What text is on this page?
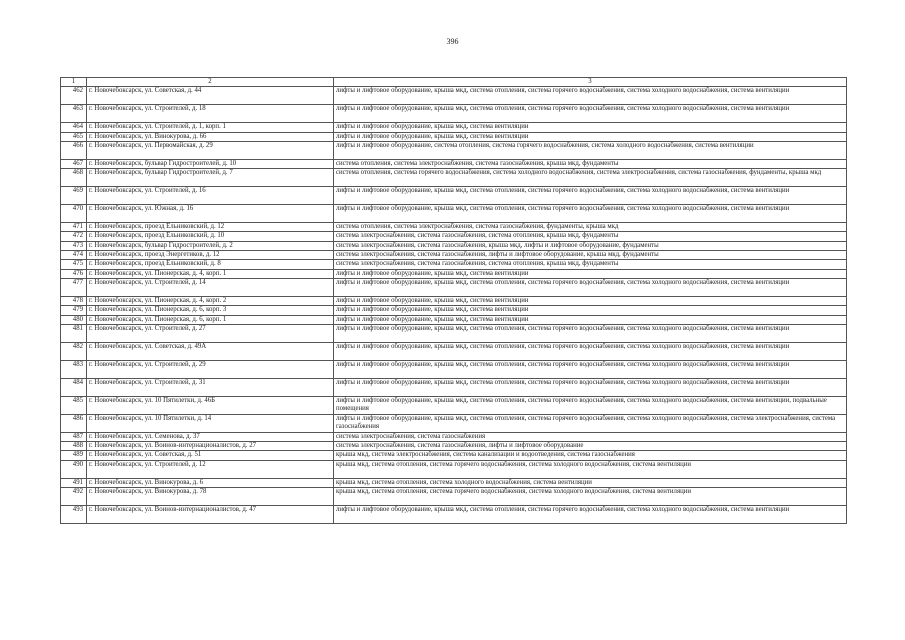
396
1	2	3
462	г. Новочебоксарск, ул. Советская, д. 44	лифты и лифтовое оборудование, крыша мкд, система отопления, система горячего водоснабжения, система холодного водоснабжения, система вентиляции
463	г. Новочебоксарск, ул. Строителей, д. 18	лифты и лифтовое оборудование, крыша мкд, система отопления, система горячего водоснабжения, система холодного водоснабжения, система вентиляции
464	г. Новочебоксарск, ул. Строителей, д. 1, корп. 1	лифты и лифтовое оборудование, крыша мкд, система вентиляции
465	г. Новочебоксарск, ул. Винокурова, д. 66	лифты и лифтовое оборудование, крыша мкд, система вентиляции
466	г. Новочебоксарск, ул. Первомайская, д. 29	лифты и лифтовое оборудование, система отопления, система горячего водоснабжения, система холодного водоснабжения, система вентиляции
467	г. Новочебоксарск, бульвар Гидростроителей, д. 10	система отопления, система электроснабжения, система газоснабжения, крыша мкд, фундаменты
468	г. Новочебоксарск, бульвар Гидростроителей, д. 7	система отопления, система горячего водоснабжения, система холодного водоснабжения, система электроснабжения, система газоснабжения, фундаменты, крыша мкд
469	г. Новочебоксарск, ул. Строителей, д. 16	лифты и лифтовое оборудование, крыша мкд, система отопления, система горячего водоснабжения, система холодного водоснабжения, система вентиляции
470	г. Новочебоксарск, ул. Южная, д. 16	лифты и лифтовое оборудование, крыша мкд, система отопления, система горячего водоснабжения, система холодного водоснабжения, система вентиляции
471	г. Новочебоксарск, проезд Ельниковский, д. 12	система отопления, система электроснабжения, система газоснабжения, фундаменты, крыша мкд
472	г. Новочебоксарск, проезд Ельниковский, д. 10	система электроснабжения, система газоснабжения, система отопления, крыша мкд, фундаменты
473	г. Новочебоксарск, бульвар Гидростроителей, д. 2	система электроснабжения, система газоснабжения, крыша мкд, лифты и лифтовое оборудование, фундаменты
474	г. Новочебоксарск, проезд Энергетиков, д. 12	система электроснабжения, система газоснабжения, лифты и лифтовое оборудование, крыша мкд, фундаменты
475	г. Новочебоксарск, проезд Ельниковский, д. 8	система электроснабжения, система газоснабжения, система отопления, крыша мкд, фундаменты
476	г. Новочебоксарск, ул. Пионерская, д. 4, корп. 1	лифты и лифтовое оборудование, крыша мкд, система вентиляции
477	г. Новочебоксарск, ул. Строителей, д. 14	лифты и лифтовое оборудование, крыша мкд, система отопления, система горячего водоснабжения, система холодного водоснабжения, система вентиляции
478	г. Новочебоксарск, ул. Пионерская, д. 4, корп. 2	лифты и лифтовое оборудование, крыша мкд, система вентиляции
479	г. Новочебоксарск, ул. Пионерская, д. 6, корп. 3	лифты и лифтовое оборудование, крыша мкд, система вентиляции
480	г. Новочебоксарск, ул. Пионерская, д. 6, корп. 1	лифты и лифтовое оборудование, крыша мкд, система вентиляции
481	г. Новочебоксарск, ул. Строителей, д. 27	лифты и лифтовое оборудование, крыша мкд, система отопления, система горячего водоснабжения, система холодного водоснабжения, система вентиляции
482	г. Новочебоксарск, ул. Советская, д. 49А	лифты и лифтовое оборудование, крыша мкд, система отопления, система горячего водоснабжения, система холодного водоснабжения, система вентиляции
483	г. Новочебоксарск, ул. Строителей, д. 29	лифты и лифтовое оборудование, крыша мкд, система отопления, система горячего водоснабжения, система холодного водоснабжения, система вентиляции
484	г. Новочебоксарск, ул. Строителей, д. 31	лифты и лифтовое оборудование, крыша мкд, система отопления, система горячего водоснабжения, система холодного водоснабжения, система вентиляции
485	г. Новочебоксарск, ул. 10 Пятилетки, д. 46Б	лифты и лифтовое оборудование, крыша мкд, система отопления, система горячего водоснабжения, система холодного водоснабжения, система вентиляции, подвальные помещения
486	г. Новочебоксарск, ул. 10 Пятилетки, д. 14	лифты и лифтовое оборудование, крыша мкд, система отопления, система горячего водоснабжения, система холодного водоснабжения, система электроснабжения, система газоснабжения
487	г. Новочебоксарск, ул. Семенова, д. 37	система электроснабжения, система газоснабжения
488	г. Новочебоксарск, ул. Воинов-интернационалистов, д. 27	система электроснабжения, система газоснабжения, лифты и лифтовое оборудование
489	г. Новочебоксарск, ул. Советская, д. 51	крыша мкд, система электроснабжения, система канализации и водоотведения, система газоснабжения
490	г. Новочебоксарск, ул. Строителей, д. 12	крыша мкд, система отопления, система горячего водоснабжения, система холодного водоснабжения, система вентиляции
491	г. Новочебоксарск, ул. Винокурова, д. 6	крыша мкд, система отопления, система холодного водоснабжения, система вентиляции
492	г. Новочебоксарск, ул. Винокурова, д. 78	крыша мкд, система отопления, система горячего водоснабжения, система холодного водоснабжения, система вентиляции
493	г. Новочебоксарск, ул. Воинов-интернационалистов, д. 47	лифты и лифтовое оборудование, крыша мкд, система отопления, система горячего водоснабжения, система холодного водоснабжения, система вентиляции
